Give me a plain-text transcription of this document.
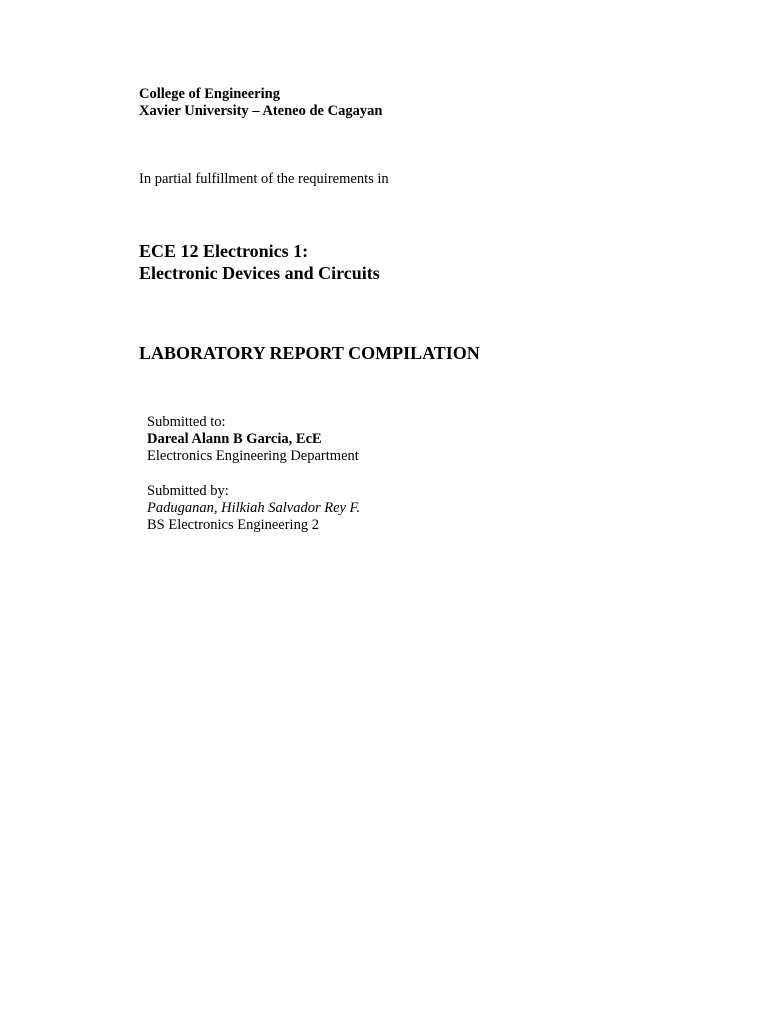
College of Engineering
Xavier University – Ateneo de Cagayan
In partial fulfillment of the requirements in
ECE 12 Electronics 1:
Electronic Devices and Circuits
LABORATORY REPORT COMPILATION
Submitted to:
Dareal Alann B Garcia, EcE
Electronics Engineering Department
Submitted by:
Paduganan, Hilkiah Salvador Rey F.
BS Electronics Engineering 2
